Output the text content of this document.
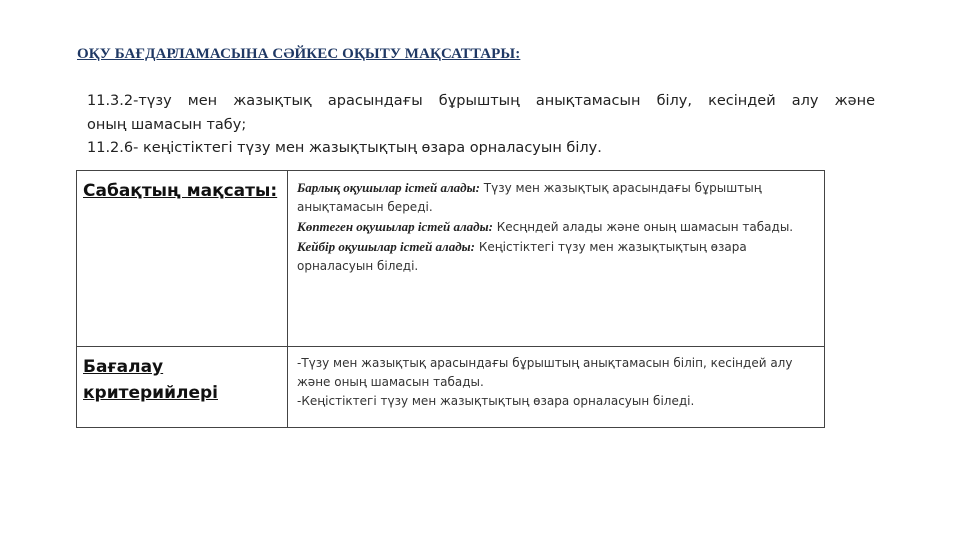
ОҚУ БАҒДАРЛАМАСЫНА СӘЙКЕС ОҚЫТУ МАҚСАТТАРЫ:
11.3.2-түзу мен жазықтық арасындағы бұрыштың анықтамасын білу, кесіндей алу және
оның шамасын табу;
11.2.6- кеңістіктегі түзу мен жазықтықтың өзара орналасуын білу.
Сабақтың мақсаты:	Барлық оқушылар істей алады: Түзу мен жазықтық арасындағы бұрыштың анықтамасын береді.
Көптеген оқушылар істей алады: Кесңндей алады және оның шамасын табады.
Кейбір оқушылар істей алады: Кеңістіктегі түзу мен жазықтықтың өзара орналасуын біледі.

Бағалау критерийлері	-Түзу мен жазықтық арасындағы бұрыштың анықтамасын біліп, кесіндей алу және оның шамасын табады.
-Кеңістіктегі түзу мен жазықтықтың өзара орналасуын біледі.
